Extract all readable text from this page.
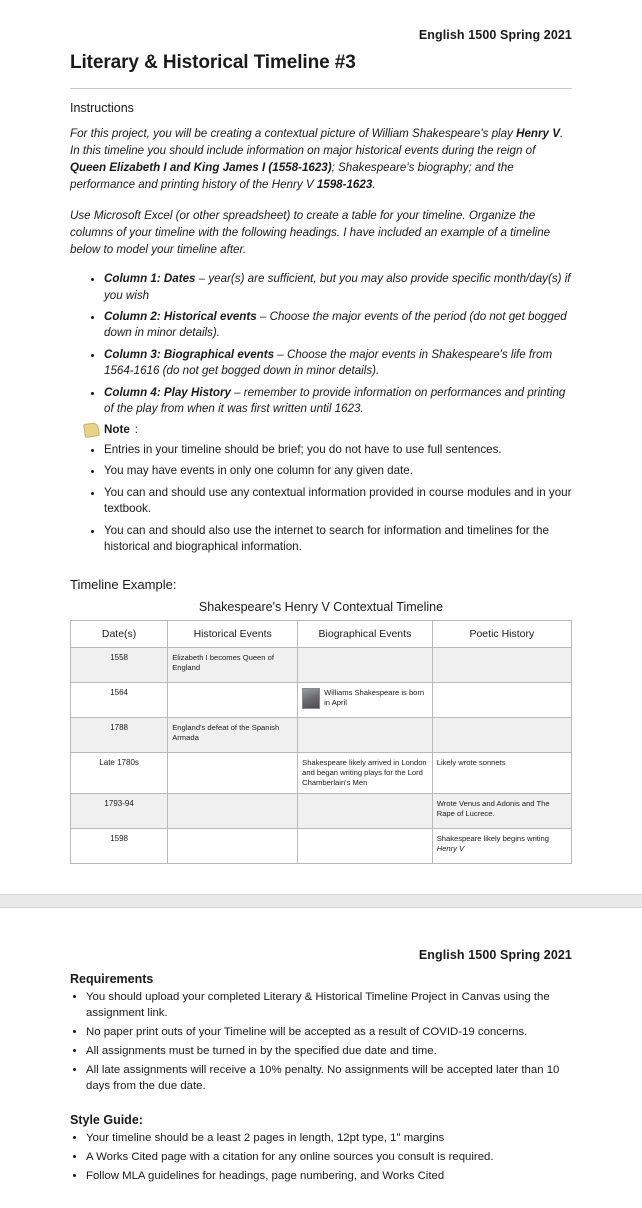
English 1500 Spring 2021
Literary & Historical Timeline #3
Instructions

For this project, you will be creating a contextual picture of William Shakespeare's play Henry V. In this timeline you should include information on major historical events during the reign of Queen Elizabeth I and King James I (1558-1623); Shakespeare's biography; and the performance and printing history of the Henry V 1598-1623.

Use Microsoft Excel (or other spreadsheet) to create a table for your timeline. Organize the columns of your timeline with the following headings. I have included an example of a timeline below to model your timeline after.

• Column 1: Dates – year(s) are sufficient, but you may also provide specific month/day(s) if you wish
• Column 2: Historical events – Choose the major events of the period (do not get bogged down in minor details).
• Column 3: Biographical events – Choose the major events in Shakespeare's life from 1564-1616 (do not get bogged down in minor details).
• Column 4: Play History – remember to provide information on performances and printing of the play from when it was first written until 1623.
Note :
• Entries in your timeline should be brief; you do not have to use full sentences.
• You may have events in only one column for any given date.
• You can and should use any contextual information provided in course modules and in your textbook.
• You can and should also use the internet to search for information and timelines for the historical and biographical information.
Timeline Example:
Shakespeare's Henry V Contextual Timeline
Date(s)	Historical Events	Biographical Events	Poetic History
1558	Elizabeth I becomes Queen of England		
1564		Williams Shakespeare is born in April	

1788	England's defeat of the Spanish Armada		
Late 1780s		Shakespeare likely arrived in London and began writing plays for the Lord Chamberlain's Men	Likely wrote sonnets
1793-94			Wrote Venus and Adonis and The Rape of Lucrece.
1598			Shakespeare likely begins writing Henry V
English 1500 Spring 2021
Requirements
• You should upload your completed Literary & Historical Timeline Project in Canvas using the assignment link.
• No paper print outs of your Timeline will be accepted as a result of COVID-19 concerns.
• All assignments must be turned in by the specified due date and time.
• All late assignments will receive a 10% penalty. No assignments will be accepted later than 10 days from the due date.
Style Guide:
• Your timeline should be a least 2 pages in length, 12pt type, 1" margins
• A Works Cited page with a citation for any online sources you consult is required.
• Follow MLA guidelines for headings, page numbering, and Works Cited
